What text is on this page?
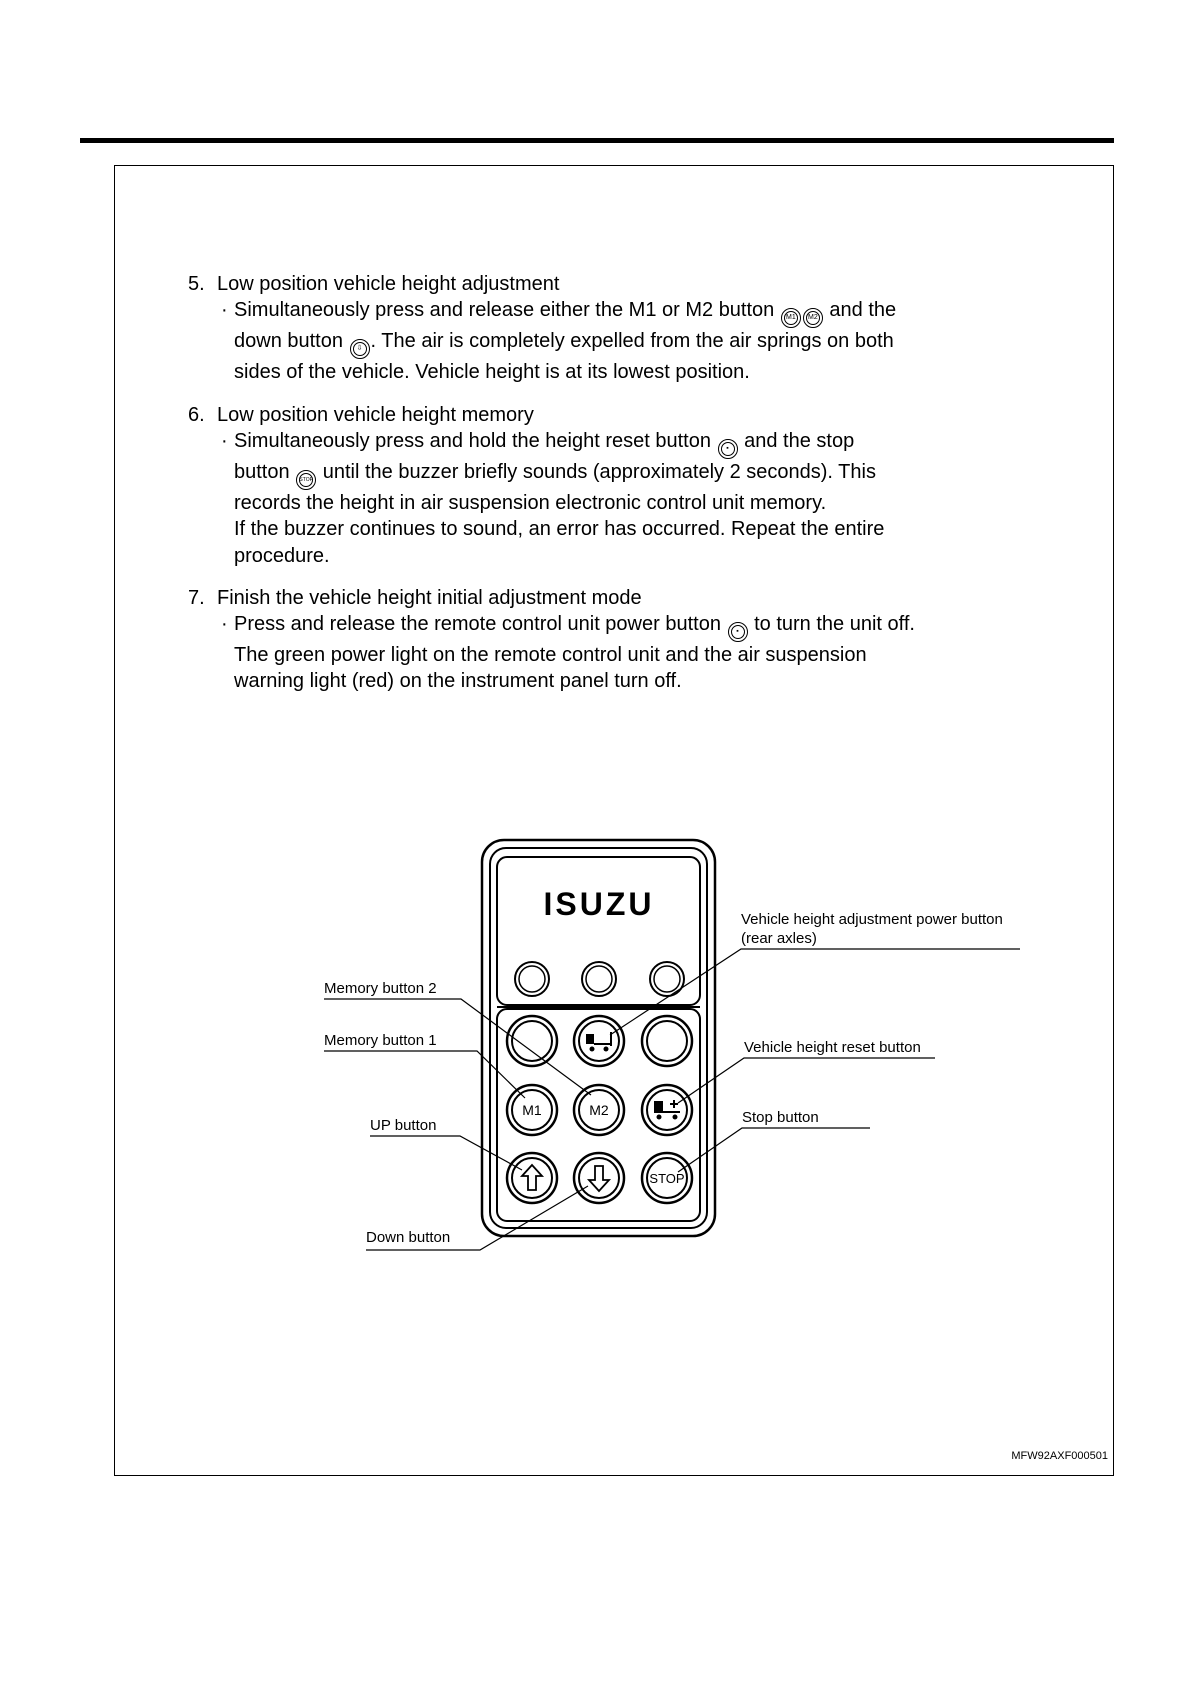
5. Low position vehicle height adjustment
· Simultaneously press and release either the M1 or M2 button M1 M2 and the

down button ⇩ . The air is completely expelled from the air springs on both

sides of the vehicle. Vehicle height is at its lowest position.

6. Low position vehicle height memory
· Simultaneously press and hold the height reset button ▪ and the stop

button STOP until the buzzer briefly sounds (approximately 2 seconds). This

records the height in air suspension electronic control unit memory.

If the buzzer continues to sound, an error has occurred. Repeat the entire

procedure.

7. Finish the vehicle height initial adjustment mode
· Press and release the remote control unit power button ▪ to turn the unit off.

The green power light on the remote control unit and the air suspension

warning light (red) on the instrument panel turn off.

ISUZU
M1	M2
STOP
Memory button 2
Memory button 1
UP button
Down button
Vehicle height adjustment power button
(rear axles)
Vehicle height reset button
Stop button
MFW92AXF000501
